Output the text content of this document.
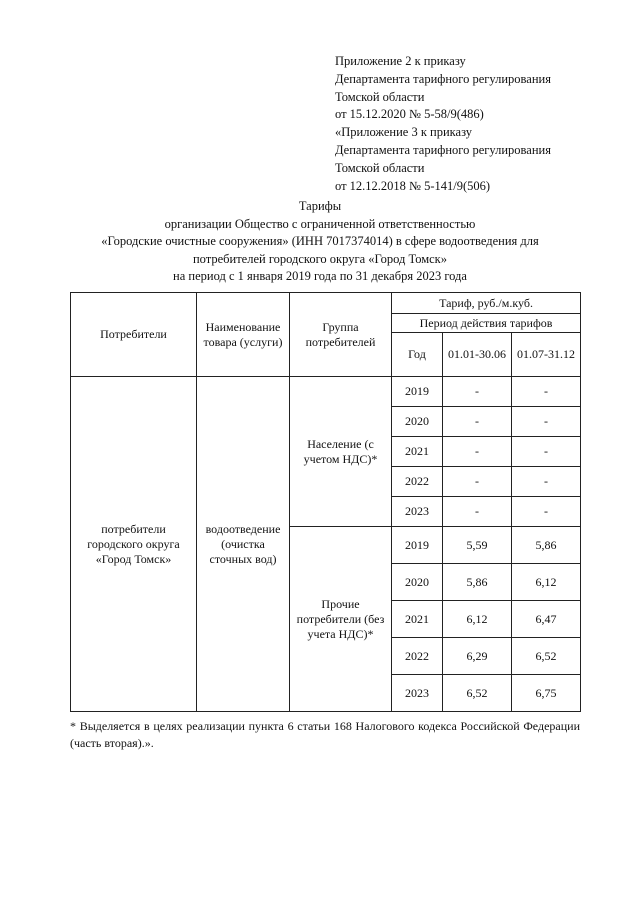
Приложение 2 к приказу
Департамента тарифного регулирования
Томской области
от 15.12.2020 № 5-58/9(486)
«Приложение 3 к приказу
Департамента тарифного регулирования
Томской области
от 12.12.2018 № 5-141/9(506)
Тарифы
организации Общество с ограниченной ответственностью
«Городские очистные сооружения» (ИНН 7017374014) в сфере водоотведения для
потребителей городского округа «Город Томск»
на период с 1 января 2019 года по 31 декабря 2023 года
Потребители	Наименование товара (услуги)	Группа потребителей	Тариф, руб./м.куб.		
			Период действия тарифов		
			Год	01.01-30.06	01.07-31.12
потребители городского округа «Город Томск»	водоотведение (очистка сточных вод)	Население (с учетом НДС)*	2019	-	-
			2020	-	-
			2021	-	-
			2022	-	-
			2023	-	-
		Прочие потребители (без учета НДС)*	2019	5,59	5,86
			2020	5,86	6,12
			2021	6,12	6,47
			2022	6,29	6,52
			2023	6,52	6,75
* Выделяется в целях реализации пункта 6 статьи 168 Налогового кодекса Российской Федерации (часть вторая).».
